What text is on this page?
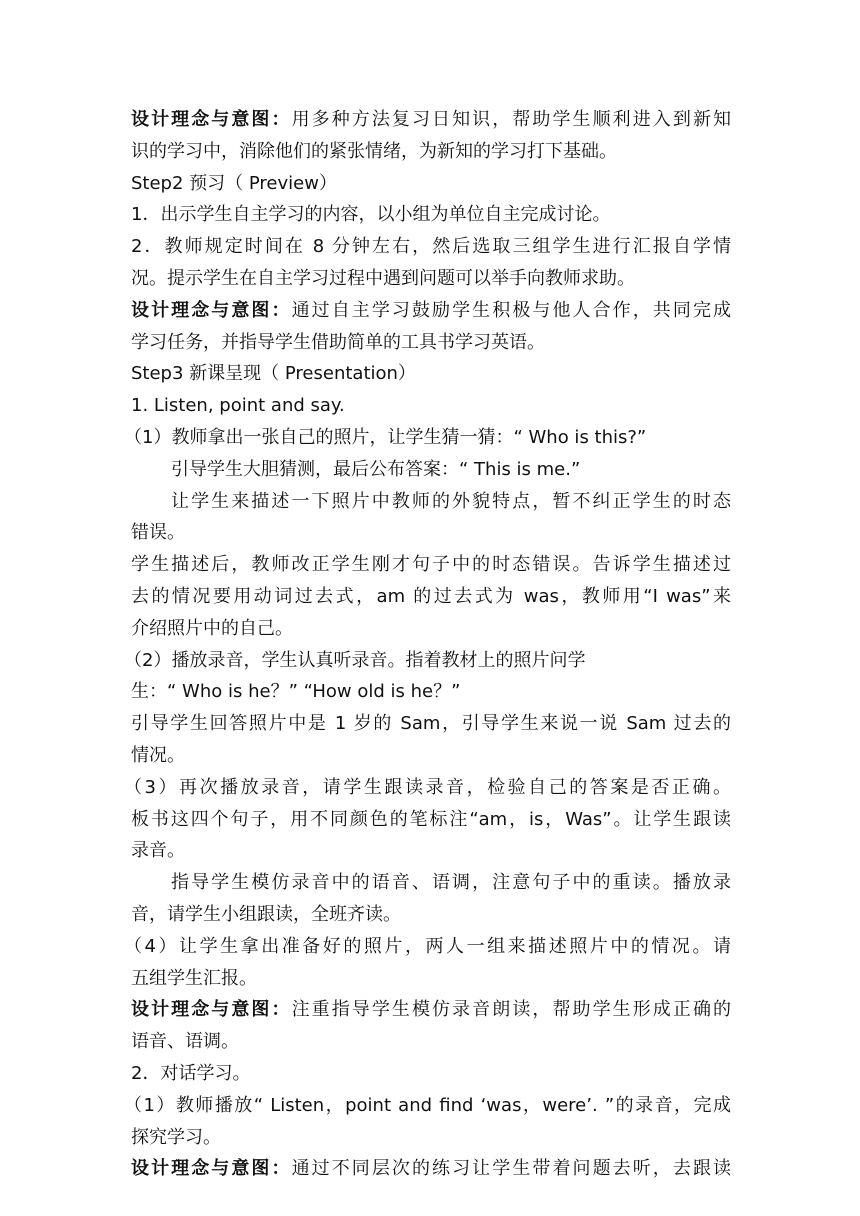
设计理念与意图：用多种方法复习日知识，帮助学生顺利进入到新知
识的学习中，消除他们的紧张情绪，为新知的学习打下基础。
Step2 预习（ Preview）
1．出示学生自主学习的内容，以小组为单位自主完成讨论。
2．教师规定时间在 8 分钟左右，然后选取三组学生进行汇报自学情
况。提示学生在自主学习过程中遇到问题可以举手向教师求助。
设计理念与意图：通过自主学习鼓励学生积极与他人合作，共同完成
学习任务，并指导学生借助简单的工具书学习英语。
Step3 新课呈现（ Presentation）
1. Listen, point and say.
（1）教师拿出一张自己的照片，让学生猜一猜：“ Who is this?”
引导学生大胆猜测，最后公布答案：“ This is me.”
让学生来描述一下照片中教师的外貌特点，暂不纠正学生的时态
错误。
学生描述后，教师改正学生刚才句子中的时态错误。告诉学生描述过
去的情况要用动词过去式，am 的过去式为 was，教师用“I was”来
介绍照片中的自己。
（2）播放录音，学生认真听录音。指着教材上的照片问学
生：“ Who is he？” “How old is he？”
引导学生回答照片中是 1 岁的 Sam，引导学生来说一说 Sam 过去的
情况。
（3）再次播放录音，请学生跟读录音，检验自己的答案是否正确。
板书这四个句子，用不同颜色的笔标注“am，is，Was”。让学生跟读
录音。
指导学生模仿录音中的语音、语调，注意句子中的重读。播放录
音，请学生小组跟读，全班齐读。
（4）让学生拿出准备好的照片，两人一组来描述照片中的情况。请
五组学生汇报。
设计理念与意图：注重指导学生模仿录音朗读，帮助学生形成正确的
语音、语调。
2．对话学习。
（1）教师播放“ Listen，point and find ‘was，were’. ”的录音，完成
探究学习。
设计理念与意图：通过不同层次的练习让学生带着问题去听，去跟读
